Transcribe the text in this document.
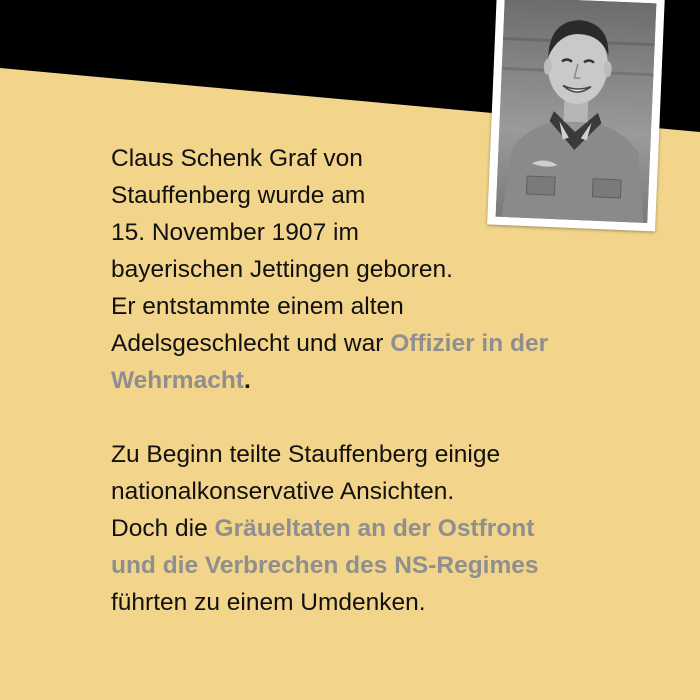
Claus Schenk Graf von
Stauffenberg wurde am
15. November 1907 im
bayerischen Jettingen geboren.
Er entstammte einem alten
Adelsgeschlecht und war Offizier in der
Wehrmacht.

Zu Beginn teilte Stauffenberg einige
nationalkonservative Ansichten.
Doch die Gräueltaten an der Ostfront
und die Verbrechen des NS-Regimes
führten zu einem Umdenken.
